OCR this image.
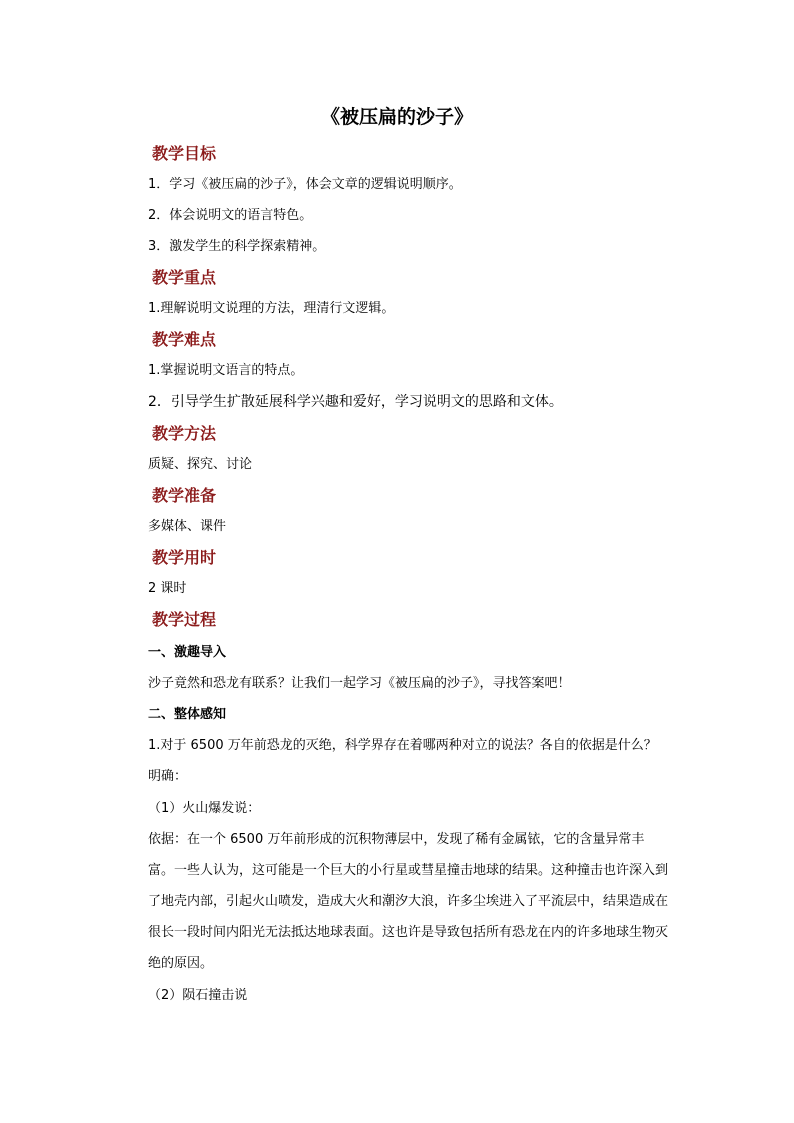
《被压扁的沙子》
教学目标
1．学习《被压扁的沙子》，体会文章的逻辑说明顺序。
2．体会说明文的语言特色。
3．激发学生的科学探索精神。
教学重点
1.理解说明文说理的方法，理清行文逻辑。
教学难点
1.掌握说明文语言的特点。
2．引导学生扩散延展科学兴趣和爱好，学习说明文的思路和文体。
教学方法
质疑、探究、讨论
教学准备
多媒体、课件
教学用时
2 课时
教学过程
一、激趣导入
沙子竟然和恐龙有联系？让我们一起学习《被压扁的沙子》，寻找答案吧！
二、整体感知
1.对于 6500 万年前恐龙的灭绝，科学界存在着哪两种对立的说法？各自的依据是什么？
明确：
（1）火山爆发说：
依据：在一个 6500 万年前形成的沉积物薄层中，发现了稀有金属铱，它的含量异常丰
富。一些人认为，这可能是一个巨大的小行星或彗星撞击地球的结果。这种撞击也许深入到
了地壳内部，引起火山喷发，造成大火和潮汐大浪，许多尘埃进入了平流层中，结果造成在
很长一段时间内阳光无法抵达地球表面。这也许是导致包括所有恐龙在内的许多地球生物灭
绝的原因。
（2）陨石撞击说
